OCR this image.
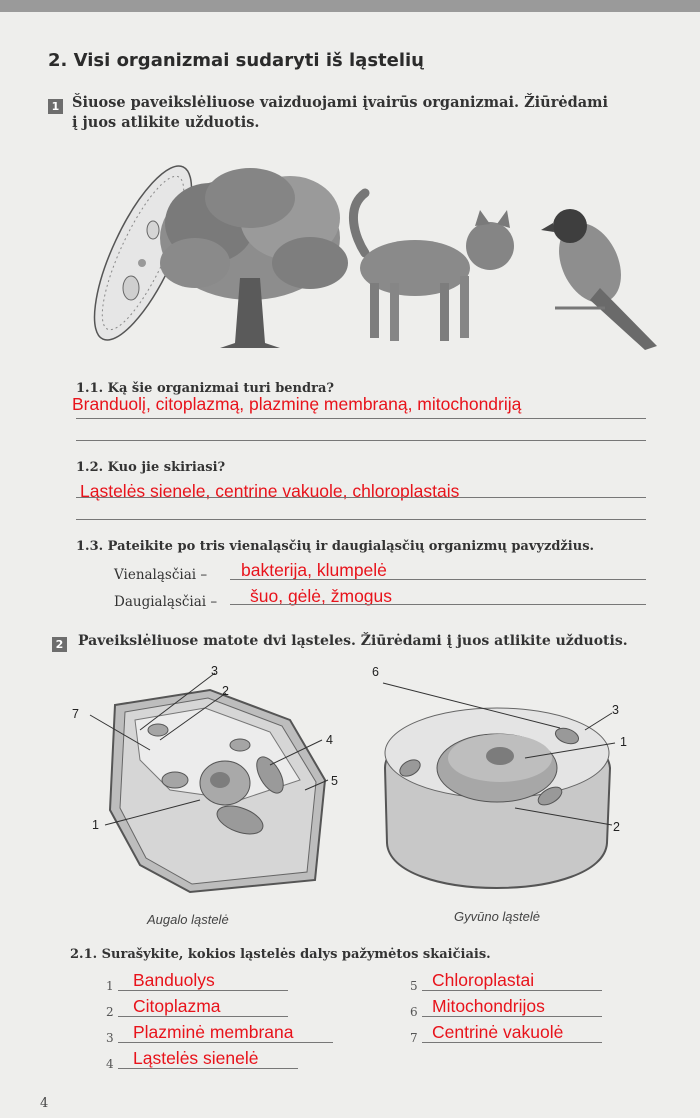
2. Visi organizmai sudaryti iš ląstelių
1 Šiuose paveikslėliuose vaizduojami įvairūs organizmai. Žiūrėdami
į juos atlikite užduotis.
1.1. Ką šie organizmai turi bendra?
Branduolį, citoplazmą, plazminę membraną, mitochondriją
1.2. Kuo jie skiriasi?
Ląstelės sienele, centrine vakuole, chloroplastais
1.3. Pateikite po tris vienaląsčių ir daugialąsčių organizmų pavyzdžius.
Vienaląsčiai – bakterija, klumpelė
Daugialąsčiai – šuo, gėlė, žmogus
2 Paveikslėliuose matote dvi ląsteles. Žiūrėdami į juos atlikite užduotis.
3
2
7
4
5
1
6
Augalo ląstelė
3
1
2
Gyvūno ląstelė
2.1. Surašykite, kokios ląstelės dalys pažymėtos skaičiais.
1 Banduolys
2 Citoplazma
3 Plazminė membrana
4 Ląstelės sienelė
5 Chloroplastai
6 Mitochondrijos
7 Centrinė vakuolė
4
